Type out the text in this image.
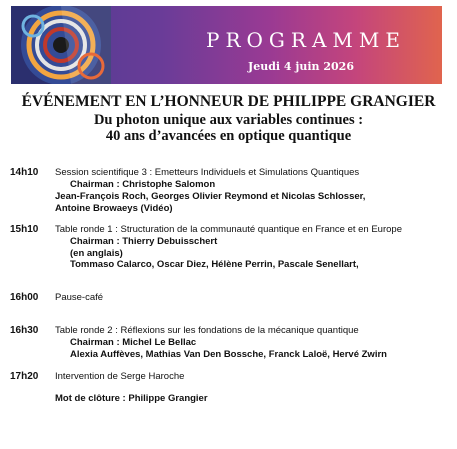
PROGRAMME
Jeudi 4 juin 2026
ÉVÉNEMENT EN L’HONNEUR DE PHILIPPE GRANGIER
Du photon unique aux variables continues :
40 ans d’avancées en optique quantique
14h10 Session scientifique 3 : Emetteurs Individuels et Simulations Quantiques
Chairman : Christophe Salomon
Jean-François Roch, Georges Olivier Reymond et Nicolas Schlosser,
Antoine Browaeys (Vidéo)
15h10 Table ronde 1 : Structuration de la communauté quantique en France et en Europe
Chairman : Thierry Debuisschert
(en anglais)
Tommaso Calarco, Oscar Diez, Hélène Perrin, Pascale Senellart,
16h00 Pause-café
16h30 Table ronde 2 : Réflexions sur les fondations de la mécanique quantique
Chairman : Michel Le Bellac
Alexia Auffèves, Mathias Van Den Bossche, Franck Laloë, Hervé Zwirn
17h20 Intervention de Serge Haroche
Mot de clôture : Philippe Grangier
